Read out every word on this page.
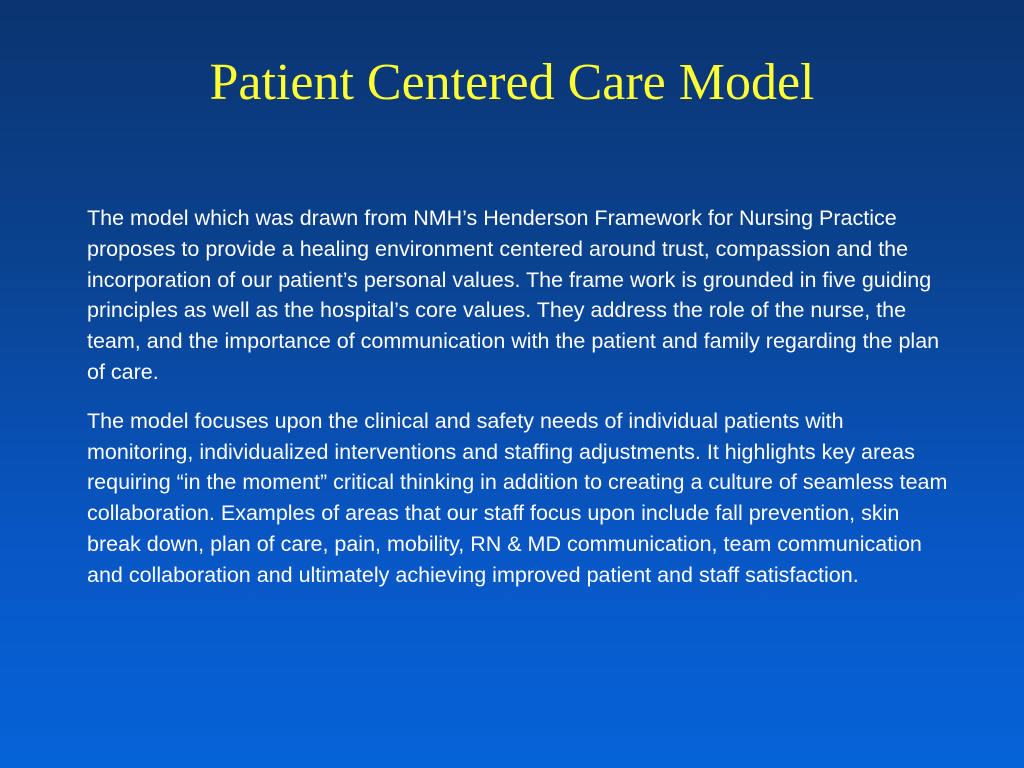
Patient Centered Care Model

The model which was drawn from NMH’s Henderson Framework for Nursing Practice proposes to provide a healing environment centered around trust, compassion and the incorporation of our patient’s personal values. The frame work is grounded in five guiding principles as well as the hospital’s core values. They address the role of the nurse, the team, and the importance of communication with the patient and family regarding the plan of care.

The model focuses upon the clinical and safety needs of individual patients with monitoring, individualized interventions and staffing adjustments. It highlights key areas requiring “in the moment” critical thinking in addition to creating a culture of seamless team collaboration. Examples of areas that our staff focus upon include fall prevention, skin break down, plan of care, pain, mobility, RN & MD communication, team communication and collaboration and ultimately achieving improved patient and staff satisfaction.
